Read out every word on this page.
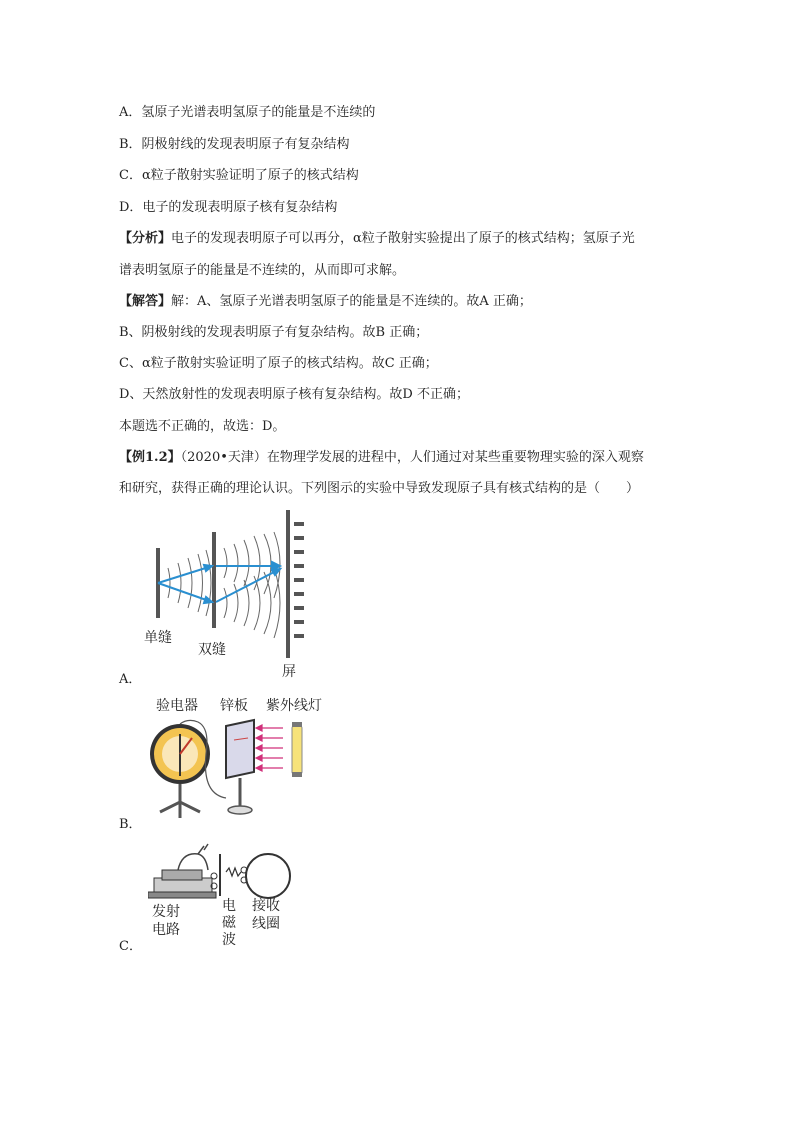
A．氢原子光谱表明氢原子的能量是不连续的
B．阴极射线的发现表明原子有复杂结构
C．α粒子散射实验证明了原子的核式结构
D．电子的发现表明原子核有复杂结构
【分析】电子的发现表明原子可以再分，α粒子散射实验提出了原子的核式结构；氢原子光
谱表明氢原子的能量是不连续的，从而即可求解。
【解答】解：A、氢原子光谱表明氢原子的能量是不连续的。故A 正确；
B、阴极射线的发现表明原子有复杂结构。故B 正确；
C、α粒子散射实验证明了原子的核式结构。故C 正确；
D、天然放射性的发现表明原子核有复杂结构。故D 不正确；
本题选不正确的，故选：D。
【例1.2】（2020•天津）在物理学发展的进程中，人们通过对某些重要物理实验的深入观察
和研究，获得正确的理论认识。下列图示的实验中导致发现原子具有核式结构的是（　　）
单缝
双缝
屏
A．
验电器 锌板 紫外线灯
B．
发射
电路
电
磁
波
接收
线圈
C．
